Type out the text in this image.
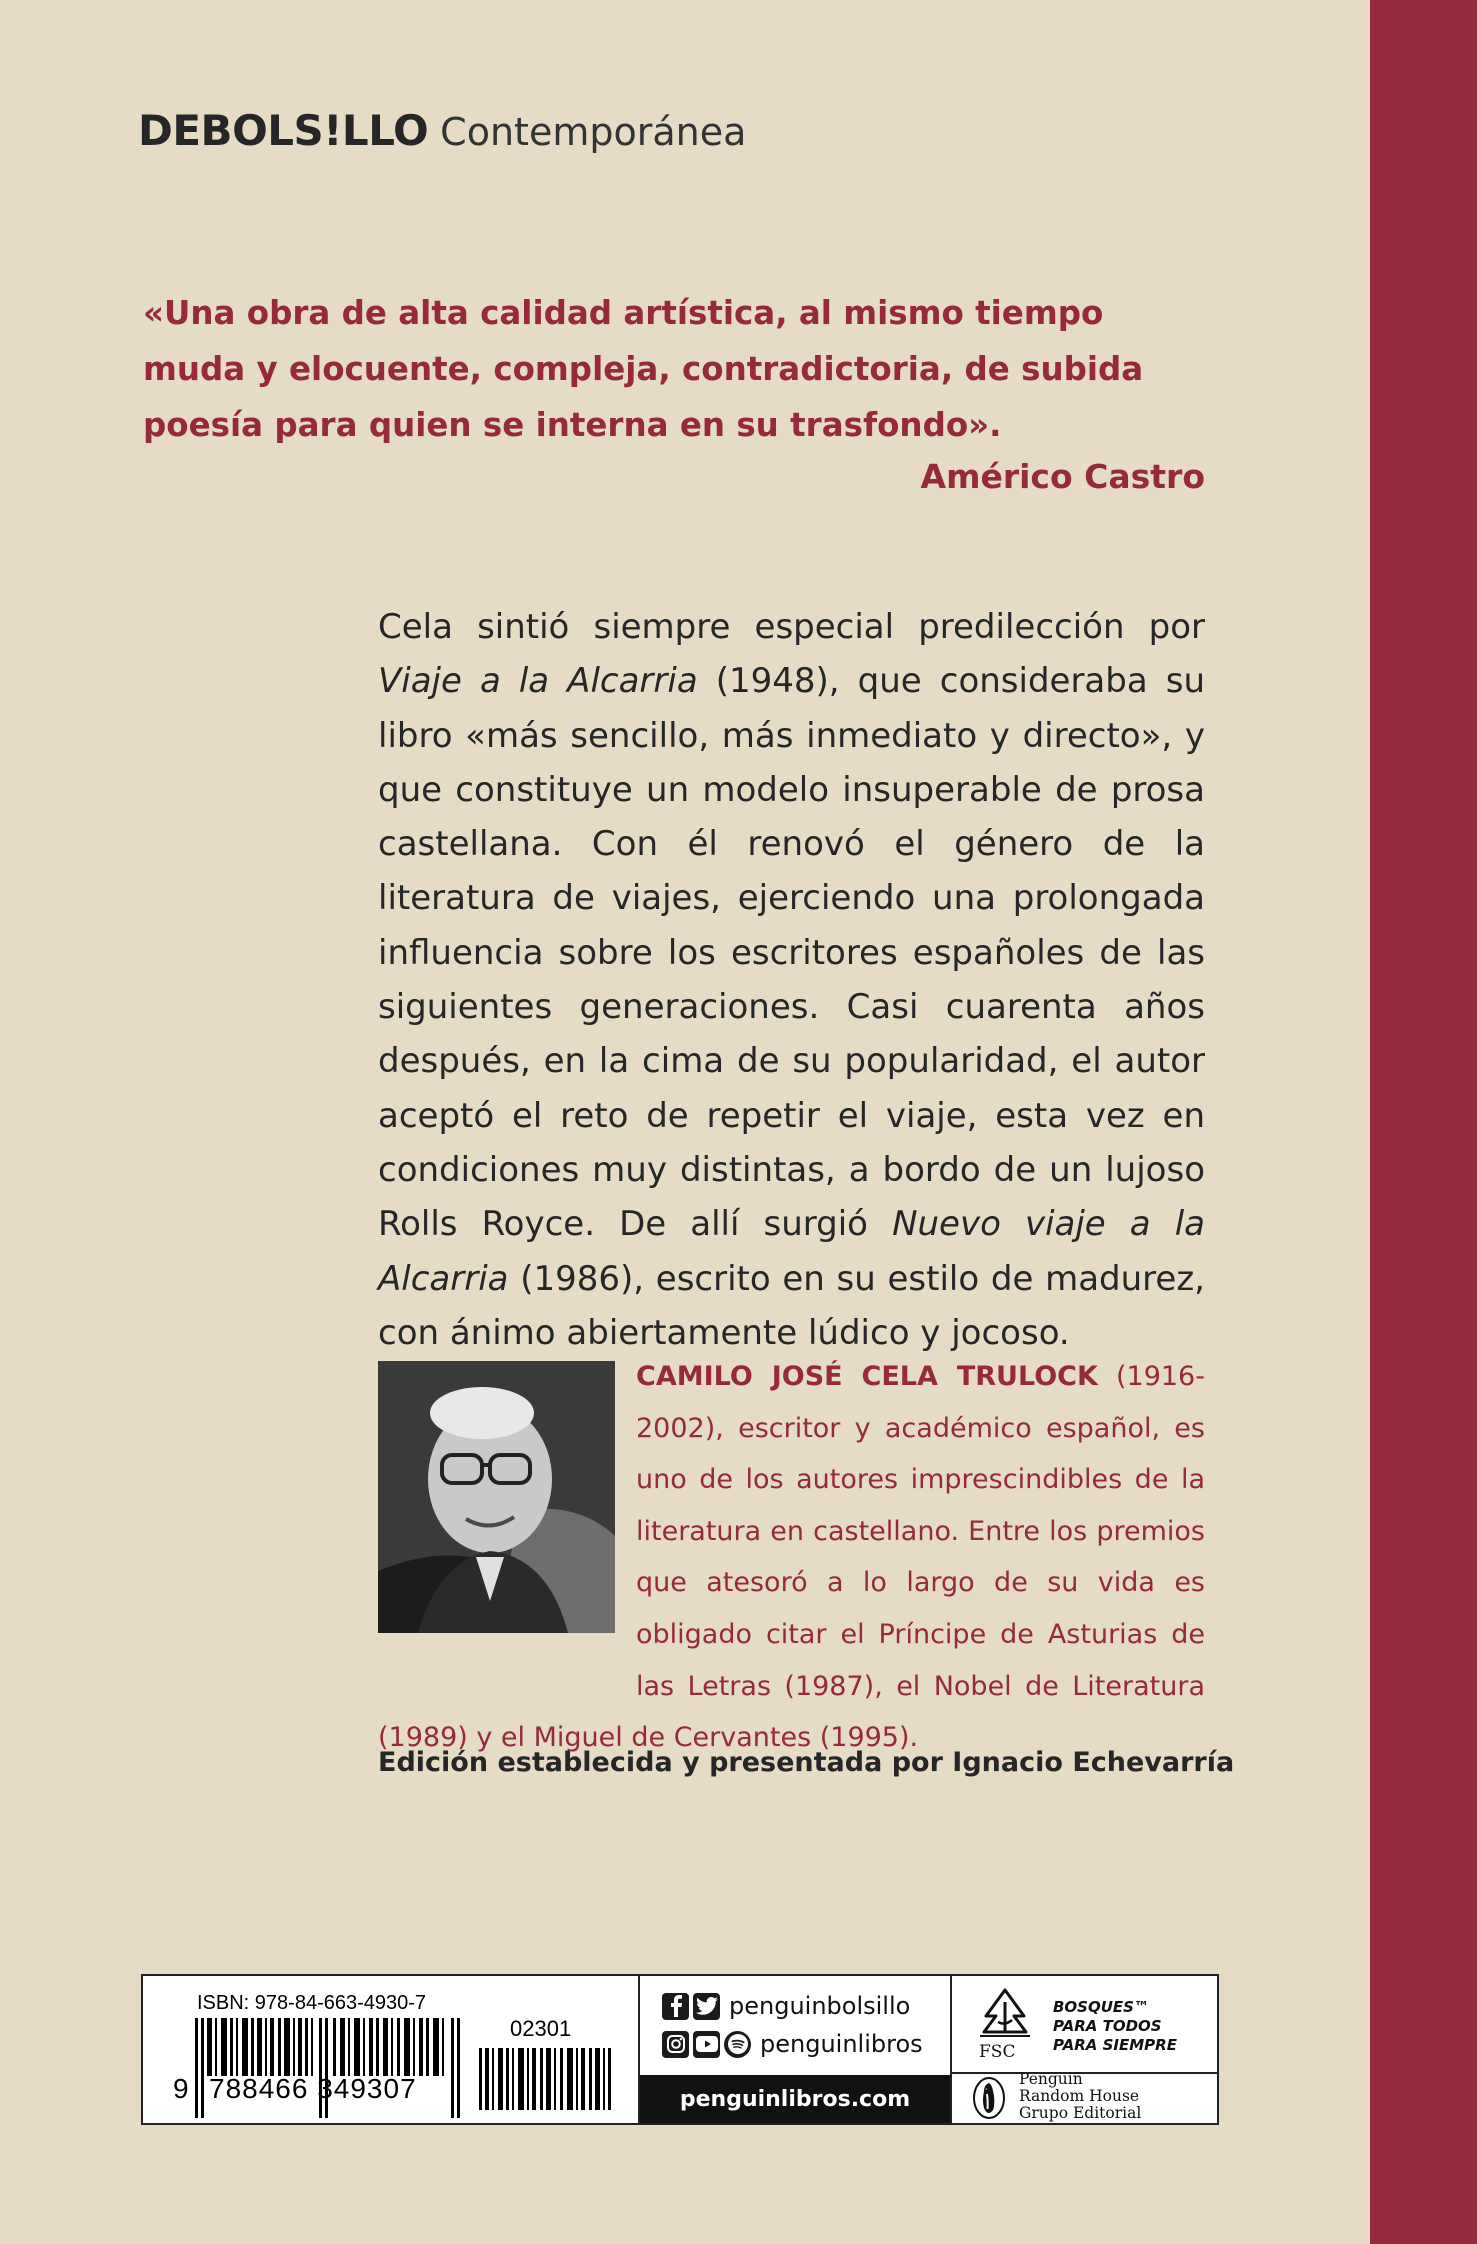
DEBOLS!LLO Contemporánea
«Una obra de alta calidad artística, al mismo tiempo muda y elocuente, compleja, contradictoria, de subida poesía para quien se interna en su trasfondo».
Américo Castro

Cela sintió siempre especial predilección por Viaje a la Alcarria (1948), que consideraba su libro «más sencillo, más inmediato y directo», y que constituye un modelo insuperable de prosa castellana. Con él renovó el género de la literatura de viajes, ejerciendo una prolongada influencia sobre los escritores españoles de las siguientes generaciones. Casi cuarenta años después, en la cima de su popularidad, el autor aceptó el reto de repetir el viaje, esta vez en condiciones muy distintas, a bordo de un lujoso Rolls Royce. De allí surgió Nuevo viaje a la Alcarria (1986), escrito en su estilo de madurez, con ánimo abiertamente lúdico y jocoso.

CAMILO JOSÉ CELA TRULOCK (1916-2002), escritor y académico español, es uno de los autores imprescindibles de la literatura en castellano. Entre los premios que atesoró a lo largo de su vida es obligado citar el Príncipe de Asturias de las Letras (1987), el Nobel de Literatura (1989) y el Miguel de Cervantes (1995).

Edición establecida y presentada por Ignacio Echevarría
ISBN: 978-84-663-4930-7
02301
9 788466 349307
penguinbolsillo
penguinlibros
penguinlibros.com
FSC
BOSQUES™
PARA TODOS
PARA SIEMPRE
Penguin
Random House
Grupo Editorial
